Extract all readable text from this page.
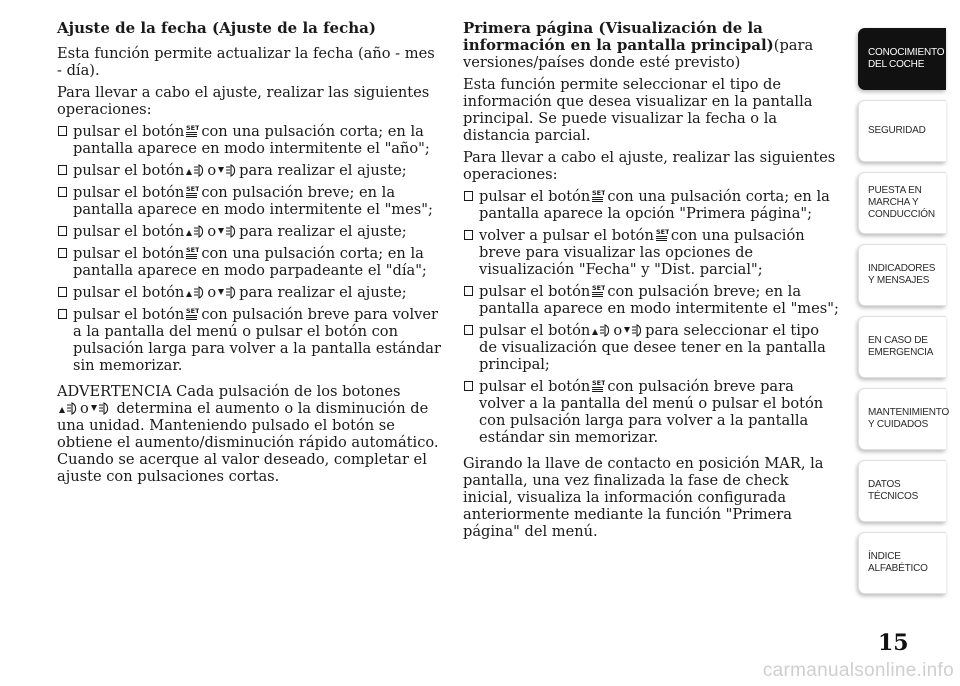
Ajuste de la fecha (Ajuste de la fecha)

Esta función permite actualizar la fecha (año - mes - día).

Para llevar a cabo el ajuste, realizar las siguientes operaciones:

pulsar el botón con una pulsación corta; en la pantalla aparece en modo intermitente el "año";
pulsar el botón o para realizar el ajuste;
pulsar el botón con pulsación breve; en la pantalla aparece en modo intermitente el "mes";
pulsar el botón o para realizar el ajuste;
pulsar el botón con una pulsación corta; en la pantalla aparece en modo parpadeante el "día";
pulsar el botón o para realizar el ajuste;
pulsar el botón con pulsación breve para volver a la pantalla del menú o pulsar el botón con pulsación larga para volver a la pantalla estándar sin memorizar.

ADVERTENCIA Cada pulsación de los botones
o determina el aumento o la disminución de una unidad. Manteniendo pulsado el botón se obtiene el aumento/disminución rápido automático. Cuando se acerque al valor deseado, completar el ajuste con pulsaciones cortas.

Primera página (Visualización de la información en la pantalla principal)(para versiones/países donde esté previsto)

Esta función permite seleccionar el tipo de información que desea visualizar en la pantalla principal. Se puede visualizar la fecha o la distancia parcial.

Para llevar a cabo el ajuste, realizar las siguientes operaciones:

pulsar el botón con una pulsación corta; en la pantalla aparece la opción "Primera página";
volver a pulsar el botón con una pulsación breve para visualizar las opciones de visualización "Fecha" y "Dist. parcial";
pulsar el botón con pulsación breve; en la pantalla aparece en modo intermitente el "mes";
pulsar el botón o para seleccionar el tipo de visualización que desee tener en la pantalla principal;
pulsar el botón con pulsación breve para volver a la pantalla del menú o pulsar el botón con pulsación larga para volver a la pantalla estándar sin memorizar.

Girando la llave de contacto en posición MAR, la pantalla, una vez finalizada la fase de check inicial, visualiza la información configurada anteriormente mediante la función "Primera página" del menú.

CONOCIMIENTO DEL COCHE
SEGURIDAD
PUESTA EN MARCHA Y CONDUCCIÓN
INDICADORES Y MENSAJES
EN CASO DE EMERGENCIA
MANTENIMIENTO Y CUIDADOS
DATOS TÉCNICOS
ÍNDICE ALFABÉTICO
15
carmanualsonline.info
